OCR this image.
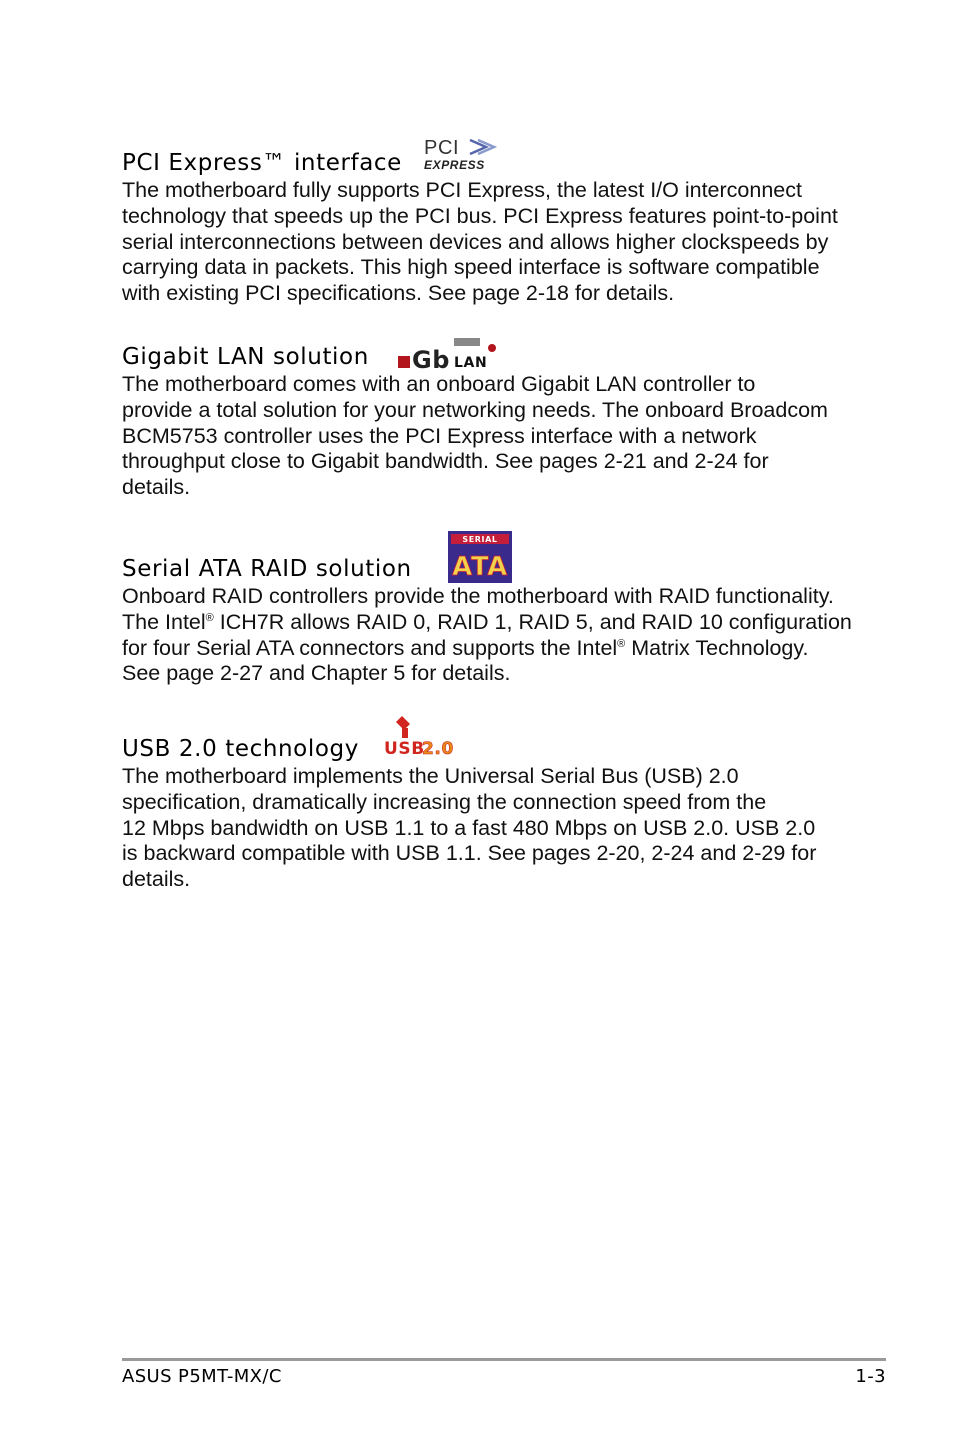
PCI Express™ interface
PCI
EXPRESS

The motherboard fully supports PCI Express, the latest I/O interconnect
technology that speeds up the PCI bus. PCI Express features point-to-point
serial interconnections between devices and allows higher clockspeeds by
carrying data in packets. This high speed interface is software compatible
with existing PCI specifications. See page 2-18 for details.

Gigabit LAN solution Gb LAN

The motherboard comes with an onboard Gigabit LAN controller to
provide a total solution for your networking needs. The onboard Broadcom
BCM5753 controller uses the PCI Express interface with a network
throughput close to Gigabit bandwidth. See pages 2-21 and 2-24 for
details.

Serial ATA RAID solution
SERIAL
ATA

Onboard RAID controllers provide the motherboard with RAID functionality.
The Intel® ICH7R allows RAID 0, RAID 1, RAID 5, and RAID 10 configuration
for four Serial ATA connectors and supports the Intel® Matrix Technology.
See page 2-27 and Chapter 5 for details.

USB 2.0 technology USB
2.0

The motherboard implements the Universal Serial Bus (USB) 2.0
specification, dramatically increasing the connection speed from the
12 Mbps bandwidth on USB 1.1 to a fast 480 Mbps on USB 2.0. USB 2.0
is backward compatible with USB 1.1. See pages 2-20, 2-24 and 2-29 for
details.

ASUS P5MT-MX/C	1-3
